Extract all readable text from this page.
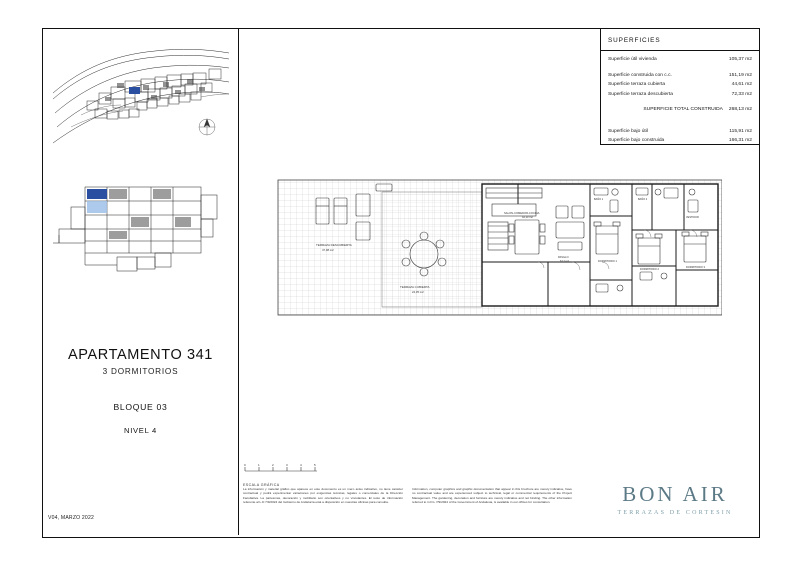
APARTAMENTO 341
3 DORMITORIOS
BLOQUE 03
NIVEL 4
V04, MARZO 2022
SUPERFICIES
Superficie útil vivienda	105,37 m2
Superficie construida con c.c.	151,19 m2
Superficie terraza cubierta	44,61 m2
Superficie terraza descubierta	72,33 m2
SUPERFICIE TOTAL CONSTRUIDA 268,13 m2
Superficie bajo útil	115,91 m2
Superficie bajo construida	166,31 m2
TERRAZA DESCUBIERTA
47,98 m2
TERRAZA CUBIERTA
24,35 m2
SALON-COMEDOR-COCINA
42,10 m2
PASILLO
8,12 m2	DORMITORIO 1
DORMITORIO 2
DORMITORIO 3
BAÑO 1	BAÑO 2
VESTIDOR
0	1	2	3	4	5
ESCALA GRÁFICA
La información y material gráfico que aparece en este documento es un mero aviso indicativo, no tiene carácter contractual y podrá experimentar variaciones por exigencias técnicas, legales o comerciales de la Dirección Facultativa. La partesmas, decoración y mobiliario son orientativos y no vinculantes. El resto de información referente al L.D 7/9/2024 del Gobierno de Andalucía está a disposición en nuestras oficinas para consulta.
Information, computer graphics and graphic documentation that appear in this brochure are merely indicative, have no contractual value and are experienced subject to technical, legal or commercial requirements of the Project Management. The gardening, decoration and furniture are merely indicative and not binding. The other information referred to in D.L 7/9/2024 of the Government of Andalusia, is available in our offices for consultation.	BON AIR
TERRAZAS DE CORTESIN
